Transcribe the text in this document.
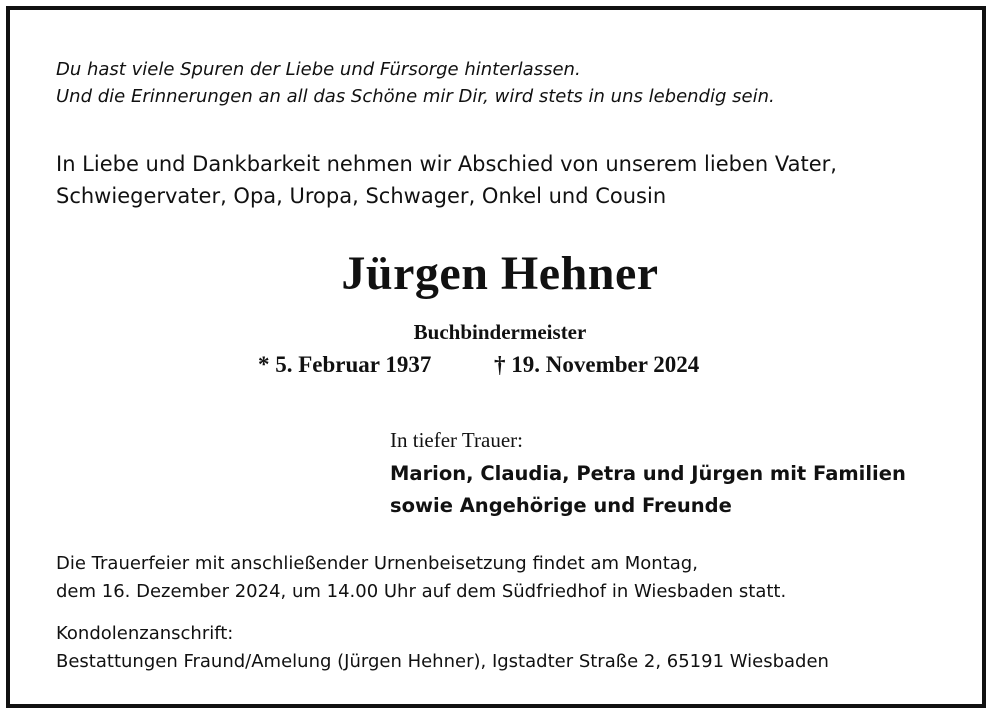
Du hast viele Spuren der Liebe und Fürsorge hinterlassen.

Und die Erinnerungen an all das Schöne mir Dir, wird stets in uns lebendig sein.

In Liebe und Dankbarkeit nehmen wir Abschied von unserem lieben Vater,

Schwiegervater, Opa, Uropa, Schwager, Onkel und Cousin

Jürgen Hehner

Buchbindermeister

* 5. Februar 1937	† 19. November 2024

In tiefer Trauer:

Marion, Claudia, Petra und Jürgen mit Familien

sowie Angehörige und Freunde

Die Trauerfeier mit anschließender Urnenbeisetzung findet am Montag,

dem 16. Dezember 2024, um 14.00 Uhr auf dem Südfriedhof in Wiesbaden statt.

Kondolenzanschrift:

Bestattungen Fraund/Amelung (Jürgen Hehner), Igstadter Straße 2, 65191 Wiesbaden
